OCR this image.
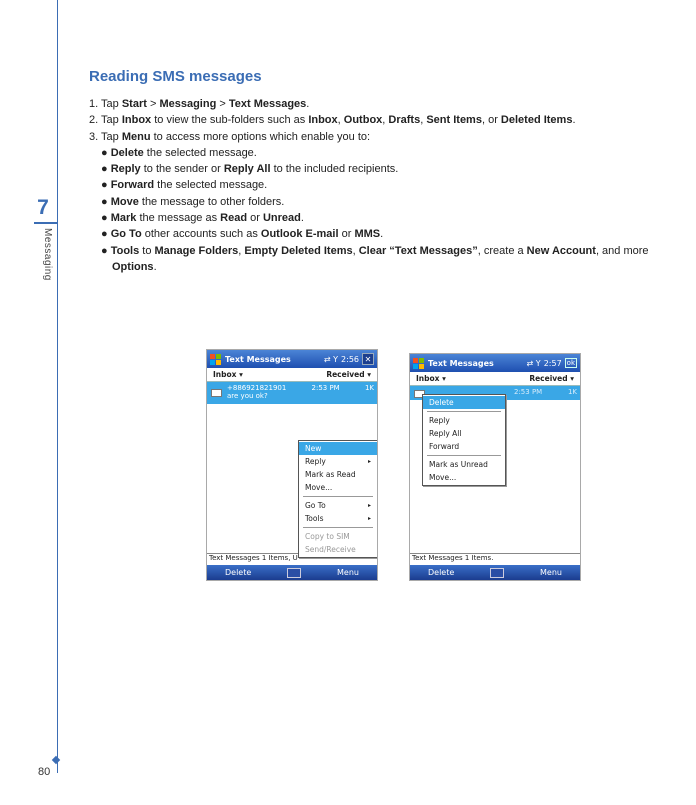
7
Messaging
80
Reading SMS messages

1. Tap Start > Messaging > Text Messages.

2. Tap Inbox to view the sub-folders such as Inbox, Outbox, Drafts, Sent Items, or Deleted Items.

3. Tap Menu to access more options which enable you to:

● Delete the selected message.

● Reply to the sender or Reply All to the included recipients.

● Forward the selected message.

● Move the message to other folders.

● Mark the message as Read or Unread.

● Go To other accounts such as Outlook E-mail or MMS.

● Tools to Manage Folders, Empty Deleted Items, Clear “Text Messages”, create a New Account, and more Options.

Text Messages	⇄ Y 2:56 ✕
Inbox ▾	Received ▾
+886921821901	2:53 PM	1K
are you ok?
Text Messages 1 Items, U
Delete	Menu
New
Reply	▸
Mark as Read
Move...
Go To	▸
Tools	▸
Copy to SIM
Send/Receive
Text Messages	⇄ Y 2:57 ok
Inbox ▾	Received ▾
2:53 PM	1K
Text Messages 1 Items.
Delete	Menu
Delete
Reply
Reply All
Forward
Mark as Unread
Move...
